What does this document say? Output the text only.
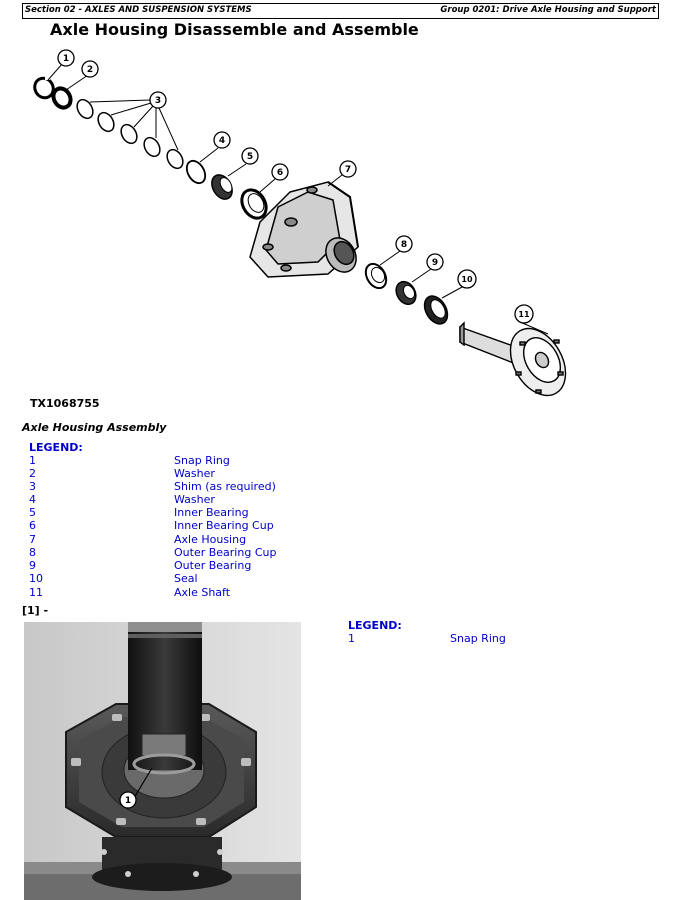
Section 02 - AXLES AND SUSPENSION SYSTEMS	Group 0201: Drive Axle Housing and Support
Axle Housing Disassemble and Assemble
1
2
3
4
5
6	7
8
9
10
11
TX1068755
Axle Housing Assembly
LEGEND:
1	Snap Ring
2	Washer
3	Shim (as required)
4	Washer
5	Inner Bearing
6	Inner Bearing Cup
7	Axle Housing
8	Outer Bearing Cup
9	Outer Bearing
10	Seal
11	Axle Shaft
[1] -
1
LEGEND:
1	Snap Ring
